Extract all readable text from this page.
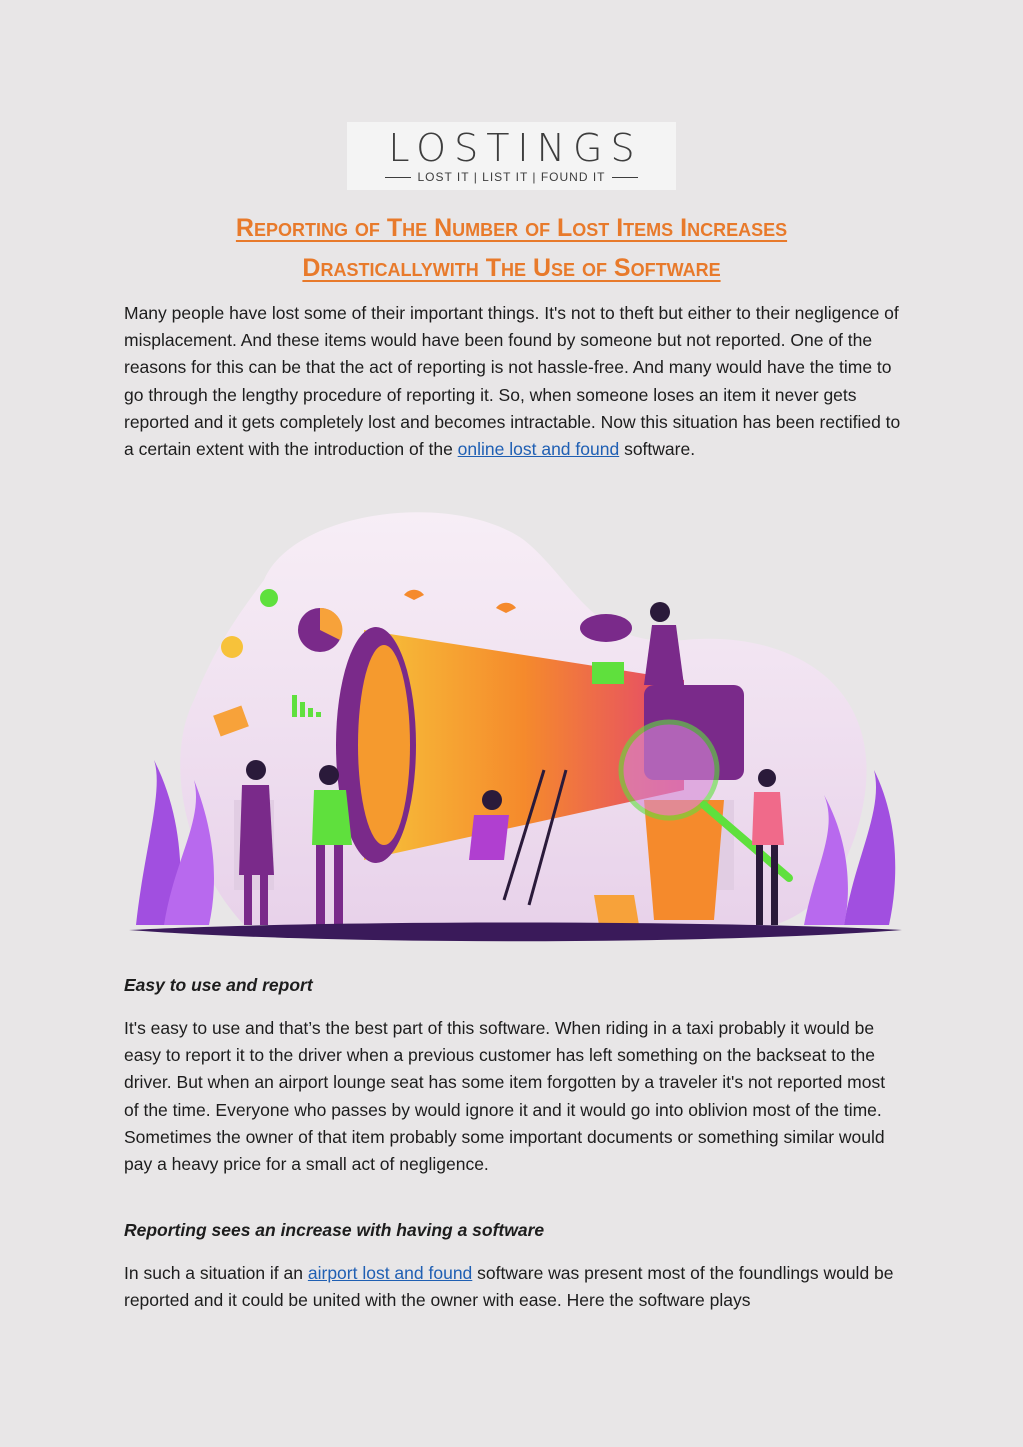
LOSTINGS
LOST IT | LIST IT | FOUND IT
Reporting of The Number of Lost Items Increases
Drasticallywith The Use of Software

Many people have lost some of their important things. It's not to theft but either to their negligence of misplacement. And these items would have been found by someone but not reported. One of the reasons for this can be that the act of reporting is not hassle-free. And many would have the time to go through the lengthy procedure of reporting it. So, when someone loses an item it never gets reported and it gets completely lost and becomes intractable. Now this situation has been rectified to a certain extent with the introduction of the online lost and found software.

Easy to use and report

It's easy to use and that’s the best part of this software. When riding in a taxi probably it would be easy to report it to the driver when a previous customer has left something on the backseat to the driver. But when an airport lounge seat has some item forgotten by a traveler it's not reported most of the time. Everyone who passes by would ignore it and it would go into oblivion most of the time. Sometimes the owner of that item probably some important documents or something similar would pay a heavy price for a small act of negligence.

Reporting sees an increase with having a software

In such a situation if an airport lost and found software was present most of the foundlings would be reported and it could be united with the owner with ease. Here the software plays
